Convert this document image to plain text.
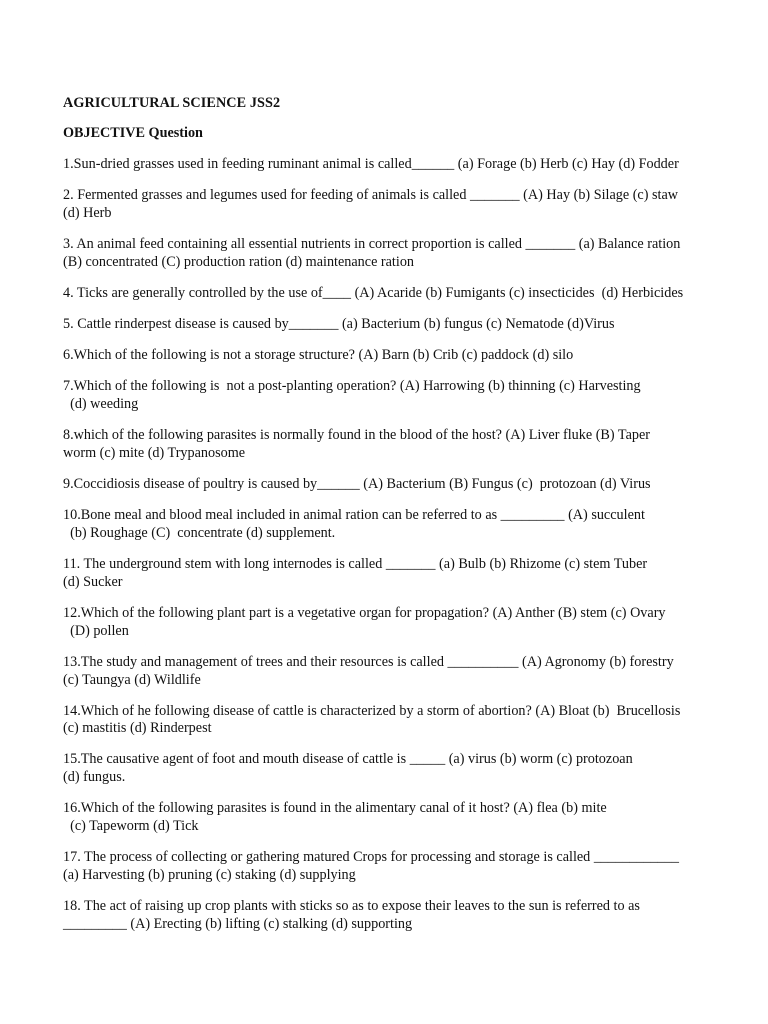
AGRICULTURAL SCIENCE JSS2
OBJECTIVE Question

1.Sun-dried grasses used in feeding ruminant animal is called______ (a) Forage (b) Herb (c) Hay (d) Fodder

2. Fermented grasses and legumes used for feeding of animals is called _______ (A) Hay (b) Silage (c) staw
(d) Herb

3. An animal feed containing all essential nutrients in correct proportion is called _______ (a) Balance ration
(B) concentrated (C) production ration (d) maintenance ration

4. Ticks are generally controlled by the use of____ (A) Acaride (b) Fumigants (c) insecticides  (d) Herbicides

5. Cattle rinderpest disease is caused by_______ (a) Bacterium (b) fungus (c) Nematode (d)Virus

6.Which of the following is not a storage structure? (A) Barn (b) Crib (c) paddock (d) silo

7.Which of the following is  not a post-planting operation? (A) Harrowing (b) thinning (c) Harvesting
(d) weeding

8.which of the following parasites is normally found in the blood of the host? (A) Liver fluke (B) Taper
worm (c) mite (d) Trypanosome

9.Coccidiosis disease of poultry is caused by______ (A) Bacterium (B) Fungus (c)  protozoan (d) Virus

10.Bone meal and blood meal included in animal ration can be referred to as _________ (A) succulent
(b) Roughage (C)  concentrate (d) supplement.

11. The underground stem with long internodes is called _______ (a) Bulb (b) Rhizome (c) stem Tuber
(d) Sucker

12.Which of the following plant part is a vegetative organ for propagation? (A) Anther (B) stem (c) Ovary
(D) pollen

13.The study and management of trees and their resources is called __________ (A) Agronomy (b) forestry
(c) Taungya (d) Wildlife

14.Which of he following disease of cattle is characterized by a storm of abortion? (A) Bloat (b)  Brucellosis
(c) mastitis (d) Rinderpest

15.The causative agent of foot and mouth disease of cattle is _____ (a) virus (b) worm (c) protozoan
(d) fungus.

16.Which of the following parasites is found in the alimentary canal of it host? (A) flea (b) mite
(c) Tapeworm (d) Tick

17. The process of collecting or gathering matured Crops for processing and storage is called ____________
(a) Harvesting (b) pruning (c) staking (d) supplying

18. The act of raising up crop plants with sticks so as to expose their leaves to the sun is referred to as
_________ (A) Erecting (b) lifting (c) stalking (d) supporting
